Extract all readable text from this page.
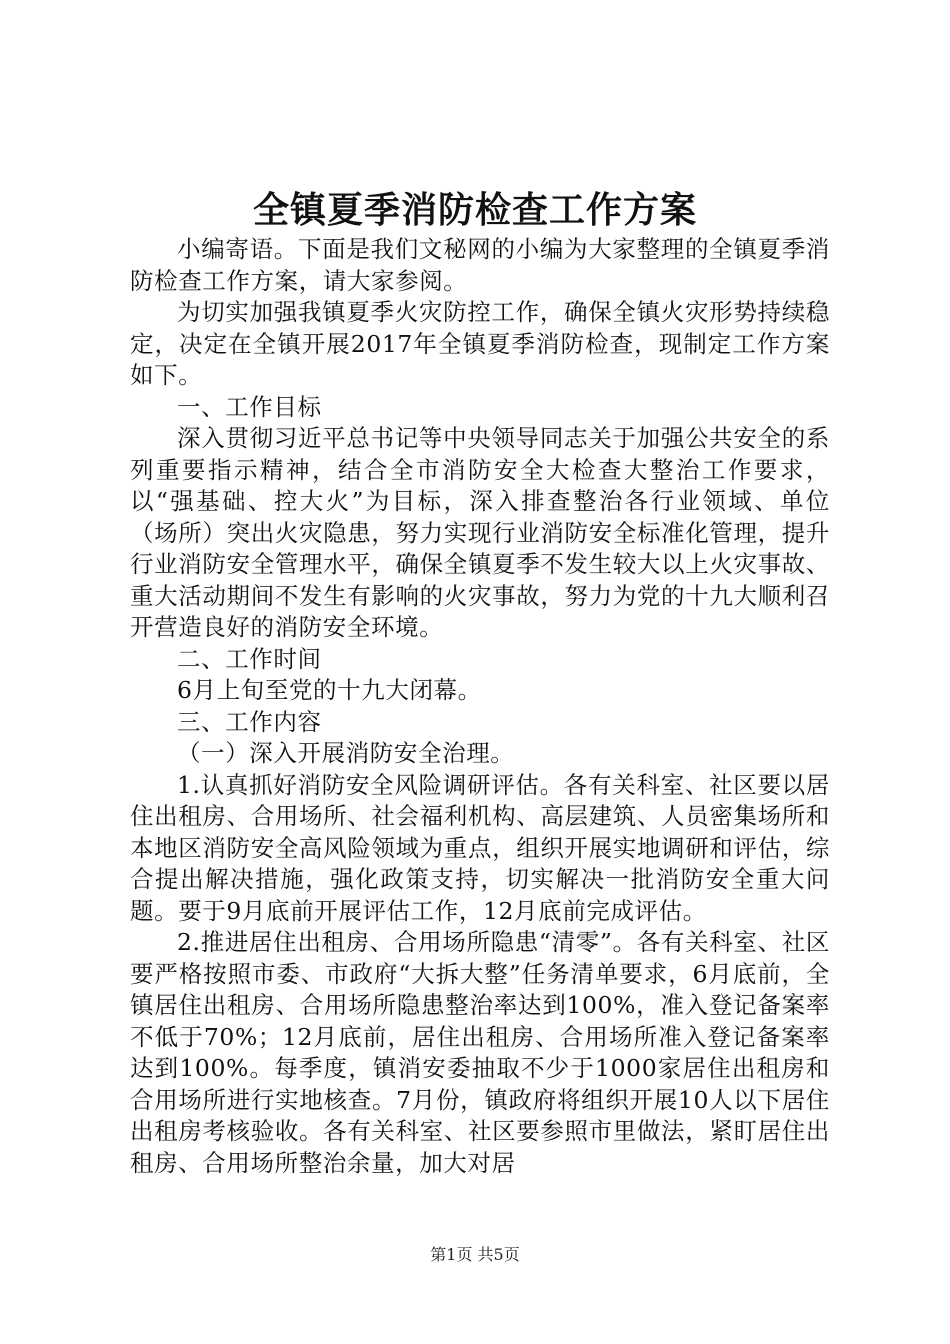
全镇夏季消防检查工作方案

小编寄语。下面是我们文秘网的小编为大家整理的全镇夏季消防检查工作方案，请大家参阅。

为切实加强我镇夏季火灾防控工作，确保全镇火灾形势持续稳定，决定在全镇开展2017年全镇夏季消防检查，现制定工作方案如下。

一、工作目标

深入贯彻习近平总书记等中央领导同志关于加强公共安全的系列重要指示精神，结合全市消防安全大检查大整治工作要求，以“强基础、控大火”为目标，深入排查整治各行业领域、单位（场所）突出火灾隐患，努力实现行业消防安全标准化管理，提升行业消防安全管理水平，确保全镇夏季不发生较大以上火灾事故、重大活动期间不发生有影响的火灾事故，努力为党的十九大顺利召开营造良好的消防安全环境。

二、工作时间

6月上旬至党的十九大闭幕。

三、工作内容

（一）深入开展消防安全治理。

1.认真抓好消防安全风险调研评估。各有关科室、社区要以居住出租房、合用场所、社会福利机构、高层建筑、人员密集场所和本地区消防安全高风险领域为重点，组织开展实地调研和评估，综合提出解决措施，强化政策支持，切实解决一批消防安全重大问题。要于9月底前开展评估工作，12月底前完成评估。

2.推进居住出租房、合用场所隐患“清零”。各有关科室、社区要严格按照市委、市政府“大拆大整”任务清单要求，6月底前，全镇居住出租房、合用场所隐患整治率达到100%，准入登记备案率不低于70%；12月底前，居住出租房、合用场所准入登记备案率达到100%。每季度，镇消安委抽取不少于1000家居住出租房和合用场所进行实地核查。7月份，镇政府将组织开展10人以下居住出租房考核验收。各有关科室、社区要参照市里做法，紧盯居住出租房、合用场所整治余量，加大对居

第1页 共5页
